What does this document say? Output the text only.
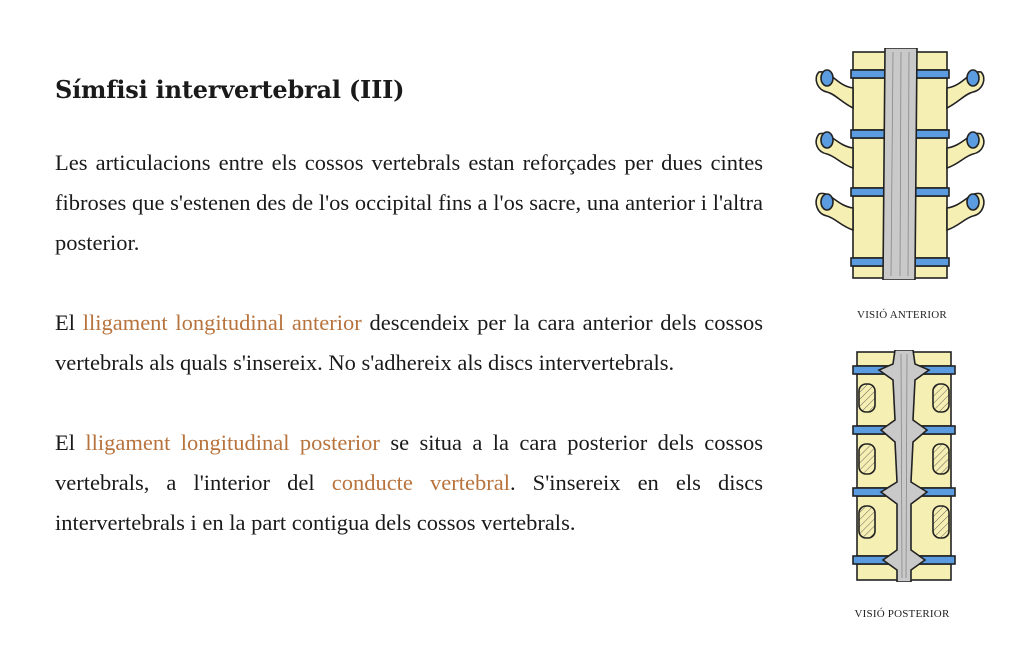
Símfisi intervertebral (III)

Les articulacions entre els cossos vertebrals estan reforçades per dues cintes fibroses que s'estenen des de l'os occipital fins a l'os sacre, una anterior i l'altra posterior.

El lligament longitudinal anterior descendeix per la cara anterior dels cossos vertebrals als quals s'insereix. No s'adhereix als discs intervertebrals.

El lligament longitudinal posterior se situa a la cara posterior dels cossos vertebrals, a l'interior del conducte vertebral. S'insereix en els discs intervertebrals i en la part contigua dels cossos vertebrals.

VISIÓ ANTERIOR
VISIÓ POSTERIOR
